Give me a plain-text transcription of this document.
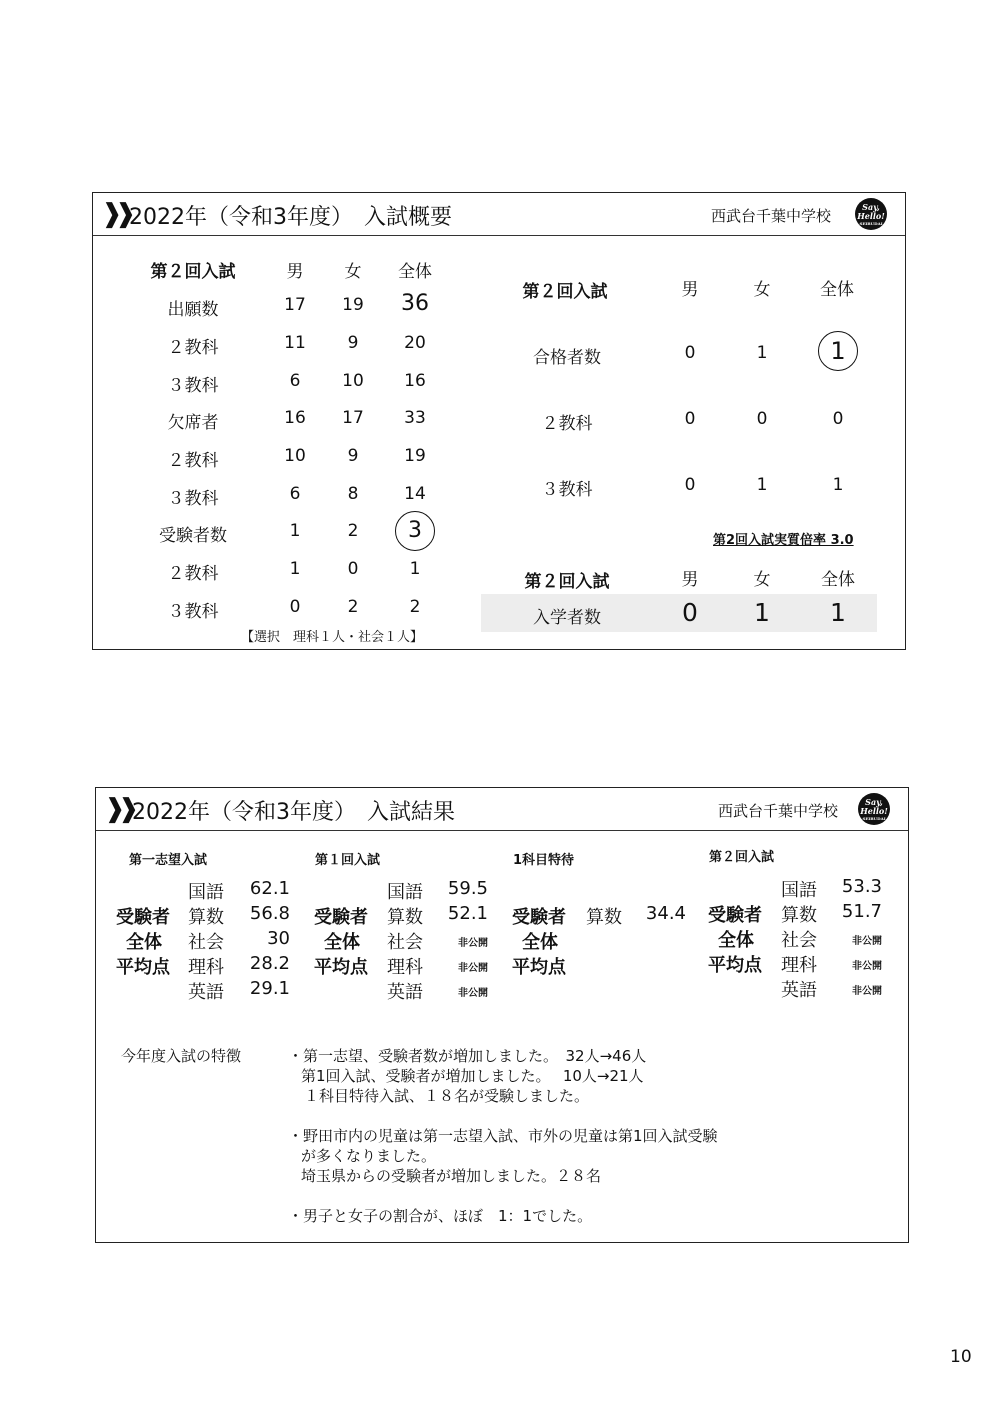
❱❱ 2022年（令和3年度）　入試概要	西武台千葉中学校
Say,
Hello!
SEIBUDAI
第２回入試	男 女 全体
出願数	17 19 36
２教科	11 9	20
３教科	6 10 16
欠席者	16 17 33
２教科	10 9	19
３教科	6	8	14
受験者数	1	2	3
２教科	1	0	1
３教科	0	2	2
【選択　理科１人・社会１人】
第２回入試	男	女	全体
合格者数	0	1	1
２教科	0	0	0
３教科	0	1	1
第2回入試実質倍率 3.0
第２回入試	男	女	全体
入学者数	0 1 1
❱❱ 2022年（令和3年度）　入試結果	西武台千葉中学校
Say,
Hello!
SEIBUDAI
第一志望入試
受験者
全体
平均点
国語 62.1
算数 56.8
社会 30
理科 28.2
英語 29.1
第１回入試
受験者
全体
平均点
国語 59.5
算数 52.1
社会	非公開
理科	非公開
英語	非公開
1科目特待
受験者
全体
平均点
算数 34.4
第２回入試
受験者
全体
平均点
国語 53.3
算数 51.7
社会	非公開
理科	非公開
英語	非公開
今年度入試の特徴	・第一志望、受験者数が増加しました。　32人→46人
第1回入試、受験者が増加しました。　 10人→21人
１科目特待入試、１８名が受験しました。
・野田市内の児童は第一志望入試、市外の児童は第1回入試受験
が多くなりました。
埼玉県からの受験者が増加しました。２８名
・男子と女子の割合が、ほぼ　1：1でした。
10
